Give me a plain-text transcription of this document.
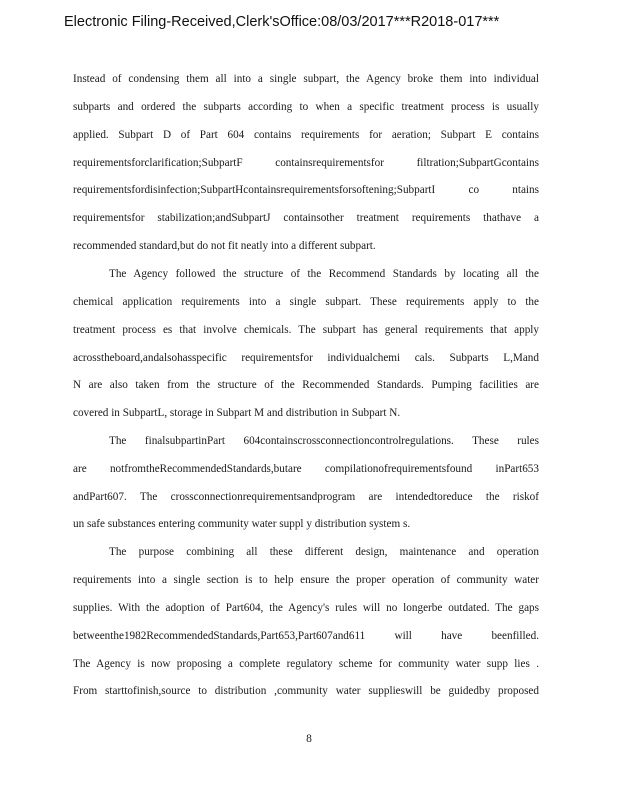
Electronic Filing-Received,Clerk'sOffice:08/03/2017***R2018-017***
Instead of condensing them all into a single subpart, the Agency broke them into individual
subparts and ordered the subparts according to when a specific treatment process is usually
applied. Subpart D of Part 604 contains requirements for aeration; Subpart E contains
requirementsforclarification;SubpartF containsrequirementsfor filtration;SubpartGcontains
requirementsfordisinfection;SubpartHcontainsrequirementsforsoftening;SubpartI co ntains
requirementsfor stabilization;andSubpartJ containsother treatment requirements thathave a
recommended standard,but do not fit neatly into a different subpart.
The Agency followed the structure of the Recommend Standards by locating all the
chemical application requirements into a single subpart. These requirements apply to the
treatment process es that involve chemicals. The subpart has general requirements that apply
acrosstheboard,andalsohasspecific requirementsfor individualchemi cals. Subparts L,Mand
N are also taken from the structure of the Recommended Standards. Pumping facilities are
covered in SubpartL, storage in Subpart M and distribution in Subpart N.
The finalsubpartinPart 604containscrossconnectioncontrolregulations. These rules
are notfromtheRecommendedStandards,butare compilationofrequirementsfound inPart653
andPart607. The crossconnectionrequirementsandprogram are intendedtoreduce the riskof
un safe substances entering community water suppl y distribution system s.
The purpose combining all these different design, maintenance and operation
requirements into a single section is to help ensure the proper operation of community water
supplies. With the adoption of Part604, the Agency's rules will no longerbe outdated. The gaps
betweenthe1982RecommendedStandards,Part653,Part607and611 will have beenfilled.
The Agency is now proposing a complete regulatory scheme for community water supp lies .
From starttofinish,source to distribution ,community water supplieswill be guidedby proposed
8
